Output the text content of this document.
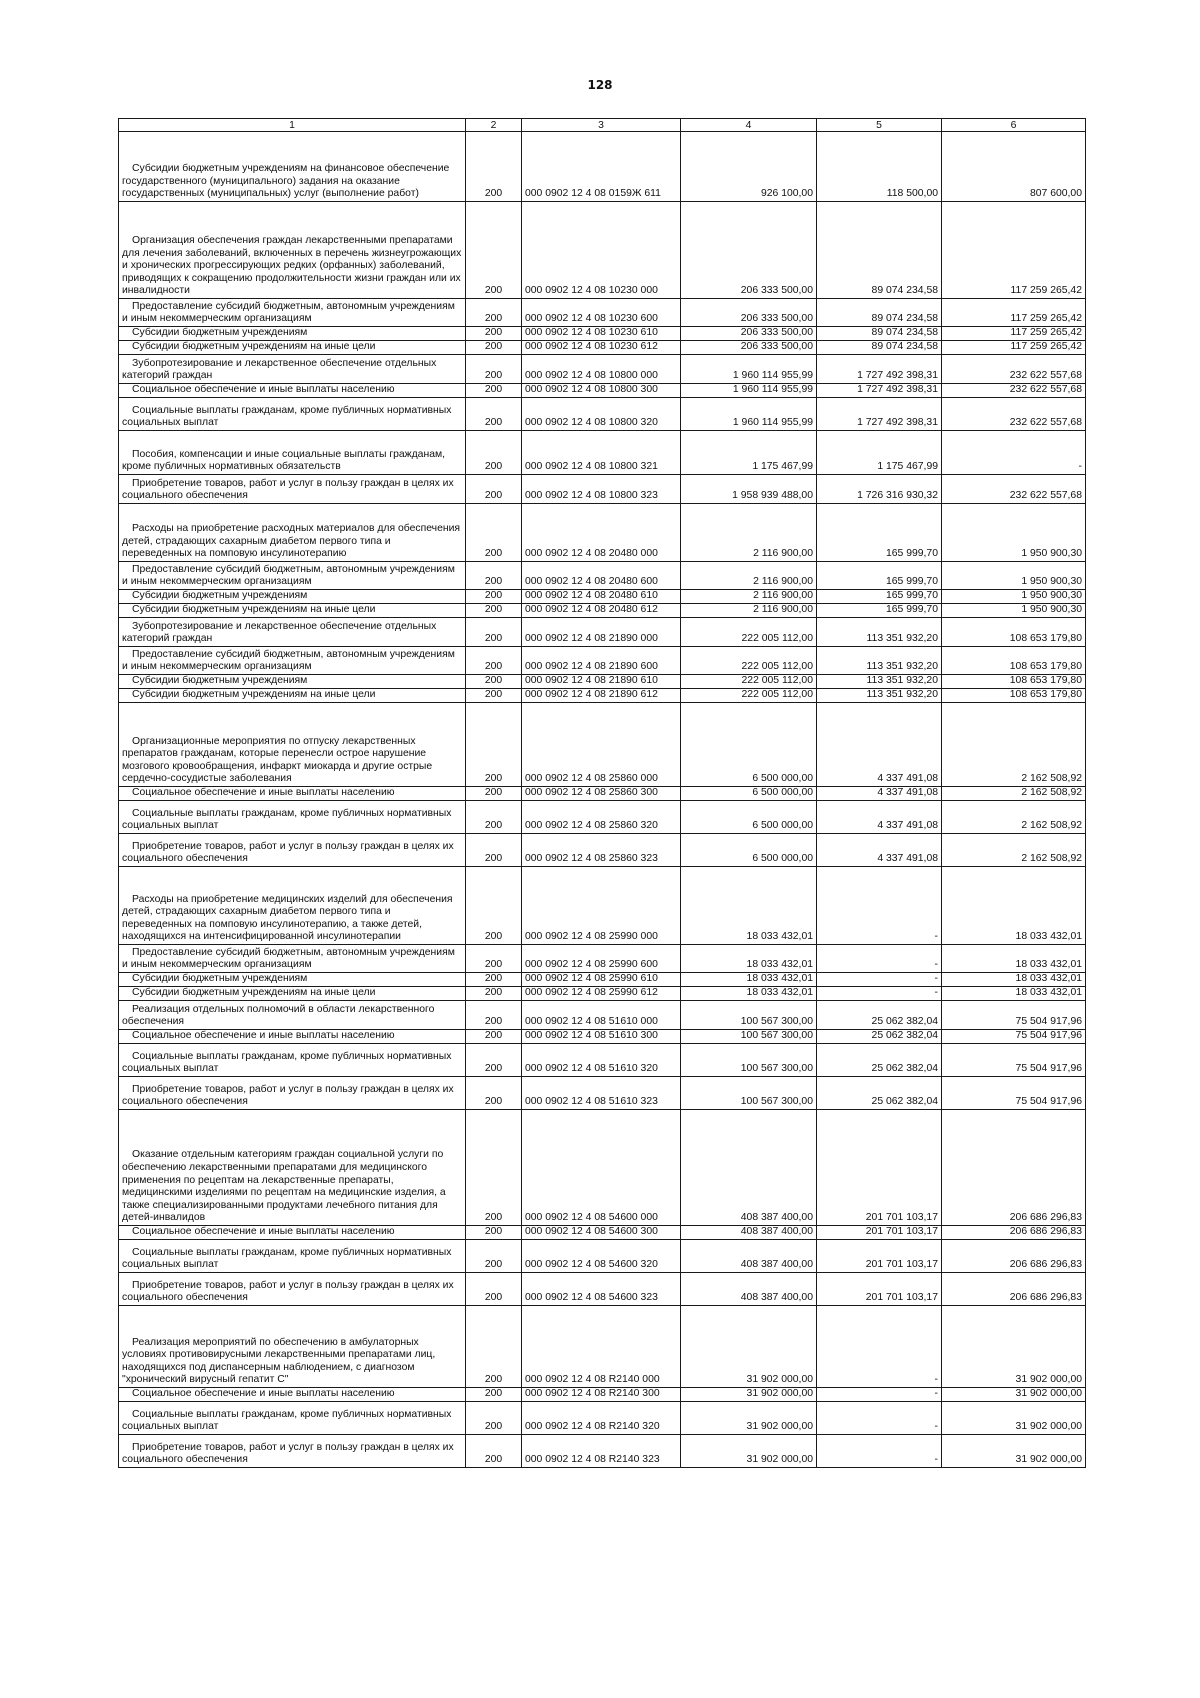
128
1	2	3	4	5	6

Субсидии бюджетным учреждениям на финансовое обеспечение государственного (муниципального) задания на оказание государственных (муниципальных) услуг (выполнение работ)	200	000 0902 12 4 08 0159Ж 611	926 100,00	118 500,00	807 600,00

Организация обеспечения граждан лекарственными препаратами для лечения заболеваний, включенных в перечень жизнеугрожающих и хронических прогрессирующих редких (орфанных) заболеваний, приводящих к сокращению продолжительности жизни граждан или их инвалидности	200	000 0902 12 4 08 10230 000	206 333 500,00	89 074 234,58	117 259 265,42

Предоставление субсидий бюджетным, автономным учреждениям и иным некоммерческим организациям	200	000 0902 12 4 08 10230 600	206 333 500,00	89 074 234,58	117 259 265,42

Субсидии бюджетным учреждениям	200	000 0902 12 4 08 10230 610	206 333 500,00	89 074 234,58	117 259 265,42

Субсидии бюджетным учреждениям на иные цели	200	000 0902 12 4 08 10230 612	206 333 500,00	89 074 234,58	117 259 265,42

Зубопротезирование и лекарственное обеспечение отдельных категорий граждан	200	000 0902 12 4 08 10800 000	1 960 114 955,99	1 727 492 398,31	232 622 557,68

Социальное обеспечение и иные выплаты населению	200	000 0902 12 4 08 10800 300	1 960 114 955,99	1 727 492 398,31	232 622 557,68

Социальные выплаты гражданам, кроме публичных нормативных социальных выплат	200	000 0902 12 4 08 10800 320	1 960 114 955,99	1 727 492 398,31	232 622 557,68

Пособия, компенсации и иные социальные выплаты гражданам, кроме публичных нормативных обязательств	200	000 0902 12 4 08 10800 321	1 175 467,99	1 175 467,99	-

Приобретение товаров, работ и услуг в пользу граждан в целях их социального обеспечения	200	000 0902 12 4 08 10800 323	1 958 939 488,00	1 726 316 930,32	232 622 557,68

Расходы на приобретение расходных материалов для обеспечения детей, страдающих сахарным диабетом первого типа и переведенных на помповую инсулинотерапию	200	000 0902 12 4 08 20480 000	2 116 900,00	165 999,70	1 950 900,30

Предоставление субсидий бюджетным, автономным учреждениям и иным некоммерческим организациям	200	000 0902 12 4 08 20480 600	2 116 900,00	165 999,70	1 950 900,30

Субсидии бюджетным учреждениям	200	000 0902 12 4 08 20480 610	2 116 900,00	165 999,70	1 950 900,30

Субсидии бюджетным учреждениям на иные цели	200	000 0902 12 4 08 20480 612	2 116 900,00	165 999,70	1 950 900,30

Зубопротезирование и лекарственное обеспечение отдельных категорий граждан	200	000 0902 12 4 08 21890 000	222 005 112,00	113 351 932,20	108 653 179,80

Предоставление субсидий бюджетным, автономным учреждениям и иным некоммерческим организациям	200	000 0902 12 4 08 21890 600	222 005 112,00	113 351 932,20	108 653 179,80

Субсидии бюджетным учреждениям	200	000 0902 12 4 08 21890 610	222 005 112,00	113 351 932,20	108 653 179,80

Субсидии бюджетным учреждениям на иные цели	200	000 0902 12 4 08 21890 612	222 005 112,00	113 351 932,20	108 653 179,80

Организационные мероприятия по отпуску лекарственных препаратов гражданам, которые перенесли острое нарушение мозгового кровообращения, инфаркт миокарда и другие острые сердечно-сосудистые заболевания	200	000 0902 12 4 08 25860 000	6 500 000,00	4 337 491,08	2 162 508,92

Социальное обеспечение и иные выплаты населению	200	000 0902 12 4 08 25860 300	6 500 000,00	4 337 491,08	2 162 508,92

Социальные выплаты гражданам, кроме публичных нормативных социальных выплат	200	000 0902 12 4 08 25860 320	6 500 000,00	4 337 491,08	2 162 508,92

Приобретение товаров, работ и услуг в пользу граждан в целях их социального обеспечения	200	000 0902 12 4 08 25860 323	6 500 000,00	4 337 491,08	2 162 508,92

Расходы на приобретение медицинских изделий для обеспечения детей, страдающих сахарным диабетом первого типа и переведенных на помповую инсулинотерапию, а также детей, находящихся на интенсифицированной инсулинотерапии	200	000 0902 12 4 08 25990 000	18 033 432,01	-	18 033 432,01

Предоставление субсидий бюджетным, автономным учреждениям и иным некоммерческим организациям	200	000 0902 12 4 08 25990 600	18 033 432,01	-	18 033 432,01

Субсидии бюджетным учреждениям	200	000 0902 12 4 08 25990 610	18 033 432,01	-	18 033 432,01

Субсидии бюджетным учреждениям на иные цели	200	000 0902 12 4 08 25990 612	18 033 432,01	-	18 033 432,01

Реализация отдельных полномочий в области лекарственного обеспечения	200	000 0902 12 4 08 51610 000	100 567 300,00	25 062 382,04	75 504 917,96

Социальное обеспечение и иные выплаты населению	200	000 0902 12 4 08 51610 300	100 567 300,00	25 062 382,04	75 504 917,96

Социальные выплаты гражданам, кроме публичных нормативных социальных выплат	200	000 0902 12 4 08 51610 320	100 567 300,00	25 062 382,04	75 504 917,96

Приобретение товаров, работ и услуг в пользу граждан в целях их социального обеспечения	200	000 0902 12 4 08 51610 323	100 567 300,00	25 062 382,04	75 504 917,96

Оказание отдельным категориям граждан социальной услуги по обеспечению лекарственными препаратами для медицинского применения по рецептам на лекарственные препараты, медицинскими изделиями по рецептам на медицинские изделия, а также специализированными продуктами лечебного питания для детей-инвалидов	200	000 0902 12 4 08 54600 000	408 387 400,00	201 701 103,17	206 686 296,83

Социальное обеспечение и иные выплаты населению	200	000 0902 12 4 08 54600 300	408 387 400,00	201 701 103,17	206 686 296,83

Социальные выплаты гражданам, кроме публичных нормативных социальных выплат	200	000 0902 12 4 08 54600 320	408 387 400,00	201 701 103,17	206 686 296,83

Приобретение товаров, работ и услуг в пользу граждан в целях их социального обеспечения	200	000 0902 12 4 08 54600 323	408 387 400,00	201 701 103,17	206 686 296,83

Реализация мероприятий по обеспечению в амбулаторных условиях противовирусными лекарственными препаратами лиц, находящихся под диспансерным наблюдением, с диагнозом "хронический вирусный гепатит С"	200	000 0902 12 4 08 R2140 000	31 902 000,00	-	31 902 000,00

Социальное обеспечение и иные выплаты населению	200	000 0902 12 4 08 R2140 300	31 902 000,00	-	31 902 000,00

Социальные выплаты гражданам, кроме публичных нормативных социальных выплат	200	000 0902 12 4 08 R2140 320	31 902 000,00	-	31 902 000,00

Приобретение товаров, работ и услуг в пользу граждан в целях их социального обеспечения	200	000 0902 12 4 08 R2140 323	31 902 000,00	-	31 902 000,00
